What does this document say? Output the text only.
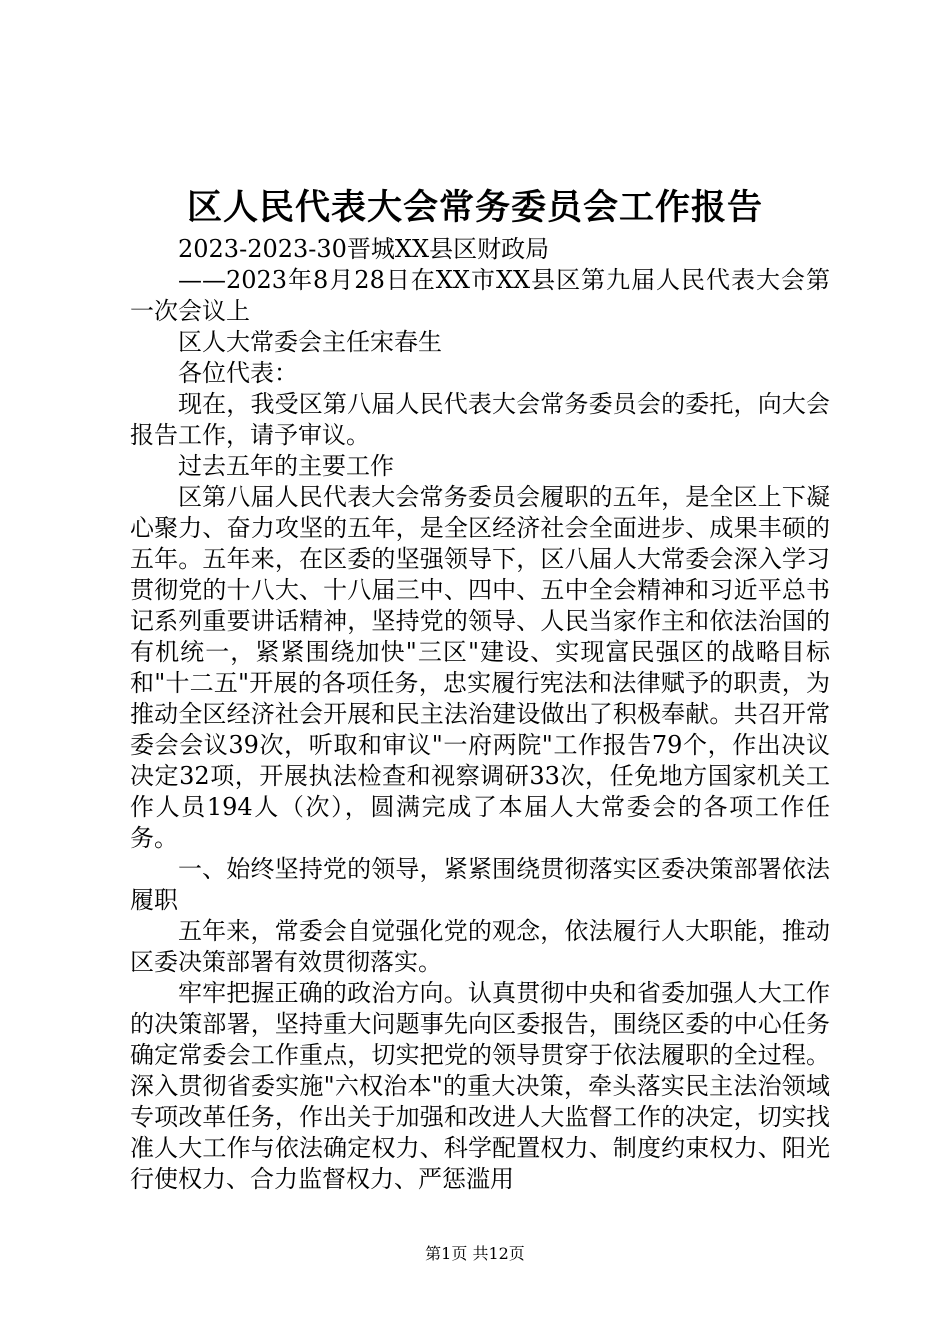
区人民代表大会常务委员会工作报告

2023-2023-30晋城XX县区财政局

——2023年8月28日在XX市XX县区第九届人民代表大会第一次会议上

区人大常委会主任宋春生

各位代表：

现在，我受区第八届人民代表大会常务委员会的委托，向大会报告工作，请予审议。

过去五年的主要工作

区第八届人民代表大会常务委员会履职的五年，是全区上下凝心聚力、奋力攻坚的五年，是全区经济社会全面进步、成果丰硕的五年。五年来，在区委的坚强领导下，区八届人大常委会深入学习贯彻党的十八大、十八届三中、四中、五中全会精神和习近平总书记系列重要讲话精神，坚持党的领导、人民当家作主和依法治国的有机统一，紧紧围绕加快"三区"建设、实现富民强区的战略目标和"十二五"开展的各项任务，忠实履行宪法和法律赋予的职责，为推动全区经济社会开展和民主法治建设做出了积极奉献。共召开常委会会议39次，听取和审议"一府两院"工作报告79个，作出决议决定32项，开展执法检查和视察调研33次，任免地方国家机关工作人员194人（次），圆满完成了本届人大常委会的各项工作任务。

一、始终坚持党的领导，紧紧围绕贯彻落实区委决策部署依法履职

五年来，常委会自觉强化党的观念，依法履行人大职能，推动区委决策部署有效贯彻落实。

牢牢把握正确的政治方向。认真贯彻中央和省委加强人大工作的决策部署，坚持重大问题事先向区委报告，围绕区委的中心任务确定常委会工作重点，切实把党的领导贯穿于依法履职的全过程。深入贯彻省委实施"六权治本"的重大决策，牵头落实民主法治领域专项改革任务，作出关于加强和改进人大监督工作的决定，切实找准人大工作与依法确定权力、科学配置权力、制度约束权力、阳光行使权力、合力监督权力、严惩滥用

第1页 共12页
